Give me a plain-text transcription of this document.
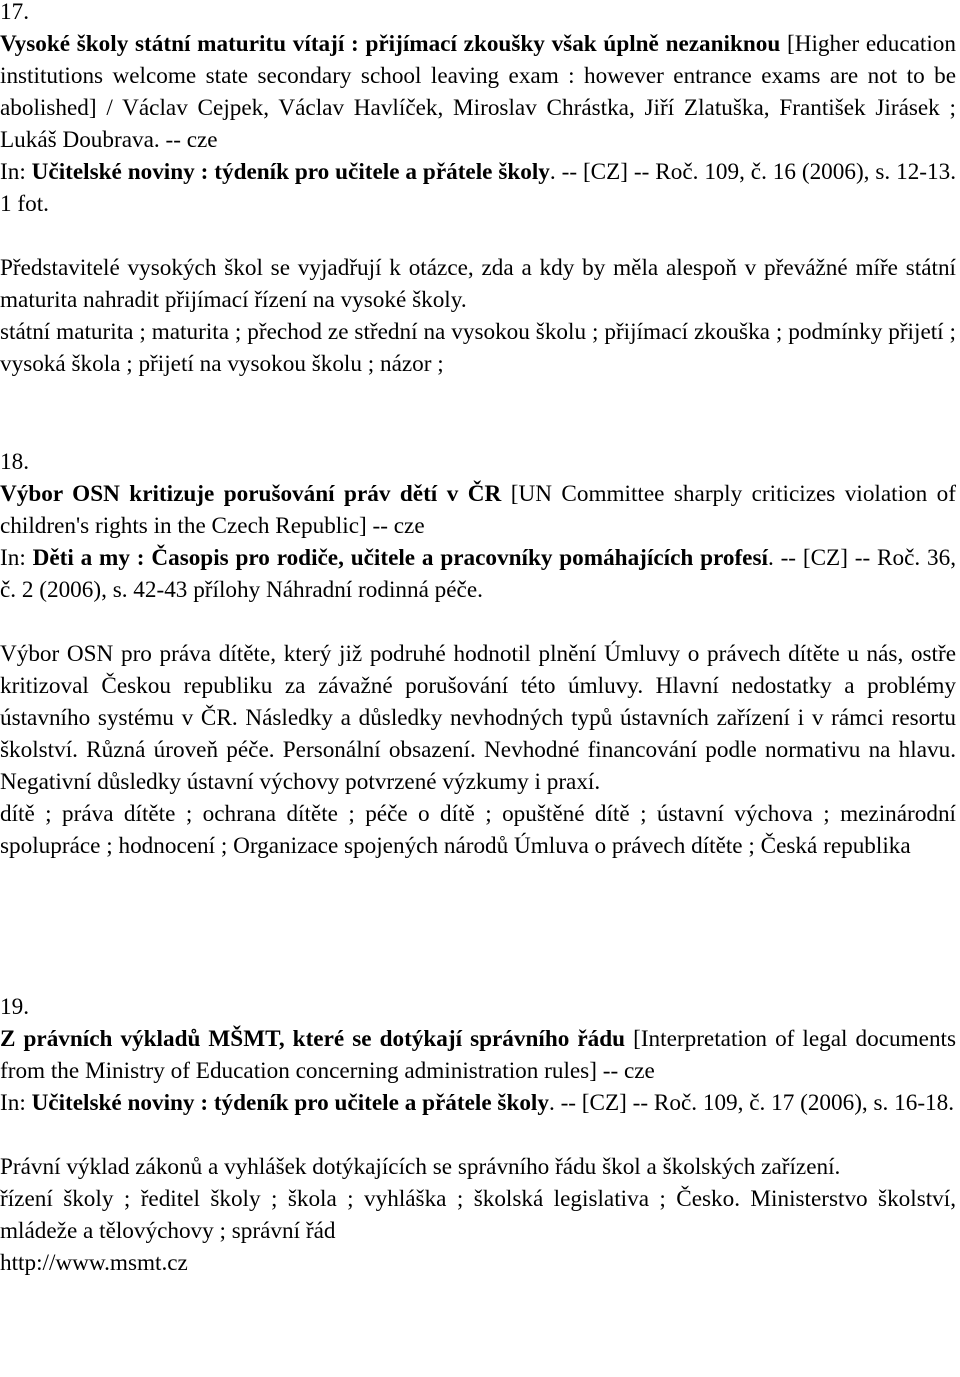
17.

Vysoké školy státní maturitu vítají : přijímací zkoušky však úplně nezaniknou [Higher education institutions welcome state secondary school leaving exam : however entrance exams are not to be abolished] / Václav Cejpek, Václav Havlíček, Miroslav Chrástka, Jiří Zlatuška, František Jirásek ; Lukáš Doubrava. -- cze

In: Učitelské noviny : týdeník pro učitele a přátele školy. -- [CZ] -- Roč. 109, č. 16 (2006), s. 12-13. 1 fot.

Představitelé vysokých škol se vyjadřují k otázce, zda a kdy by měla alespoň v převážné míře státní maturita nahradit přijímací řízení na vysoké školy.

státní maturita ; maturita ; přechod ze střední na vysokou školu ; přijímací zkouška ; podmínky přijetí ; vysoká škola ; přijetí na vysokou školu ; názor ;

18.

Výbor OSN kritizuje porušování práv dětí v ČR [UN Committee sharply criticizes violation of children's rights in the Czech Republic] -- cze

In: Děti a my : Časopis pro rodiče, učitele a pracovníky pomáhajících profesí. -- [CZ] -- Roč. 36, č. 2 (2006), s. 42-43 přílohy Náhradní rodinná péče.

Výbor OSN pro práva dítěte, který již podruhé hodnotil plnění Úmluvy o právech dítěte u nás, ostře kritizoval Českou republiku za závažné porušování této úmluvy. Hlavní nedostatky a problémy ústavního systému v ČR. Následky a důsledky nevhodných typů ústavních zařízení i v rámci resortu školství. Různá úroveň péče. Personální obsazení. Nevhodné financování podle normativu na hlavu. Negativní důsledky ústavní výchovy potvrzené výzkumy i praxí.

dítě ; práva dítěte ; ochrana dítěte ; péče o dítě ; opuštěné dítě ; ústavní výchova ; mezinárodní spolupráce ; hodnocení ; Organizace spojených národů Úmluva o právech dítěte ; Česká republika

19.

Z právních výkladů MŠMT, které se dotýkají správního řádu [Interpretation of legal documents from the Ministry of Education concerning administration rules] -- cze

In: Učitelské noviny : týdeník pro učitele a přátele školy. -- [CZ] -- Roč. 109, č. 17 (2006), s. 16-18.

Právní výklad zákonů a vyhlášek dotýkajících se správního řádu škol a školských zařízení.

řízení školy ; ředitel školy ; škola ; vyhláška ; školská legislativa ; Česko. Ministerstvo školství, mládeže a tělovýchovy ; správní řád

http://www.msmt.cz
